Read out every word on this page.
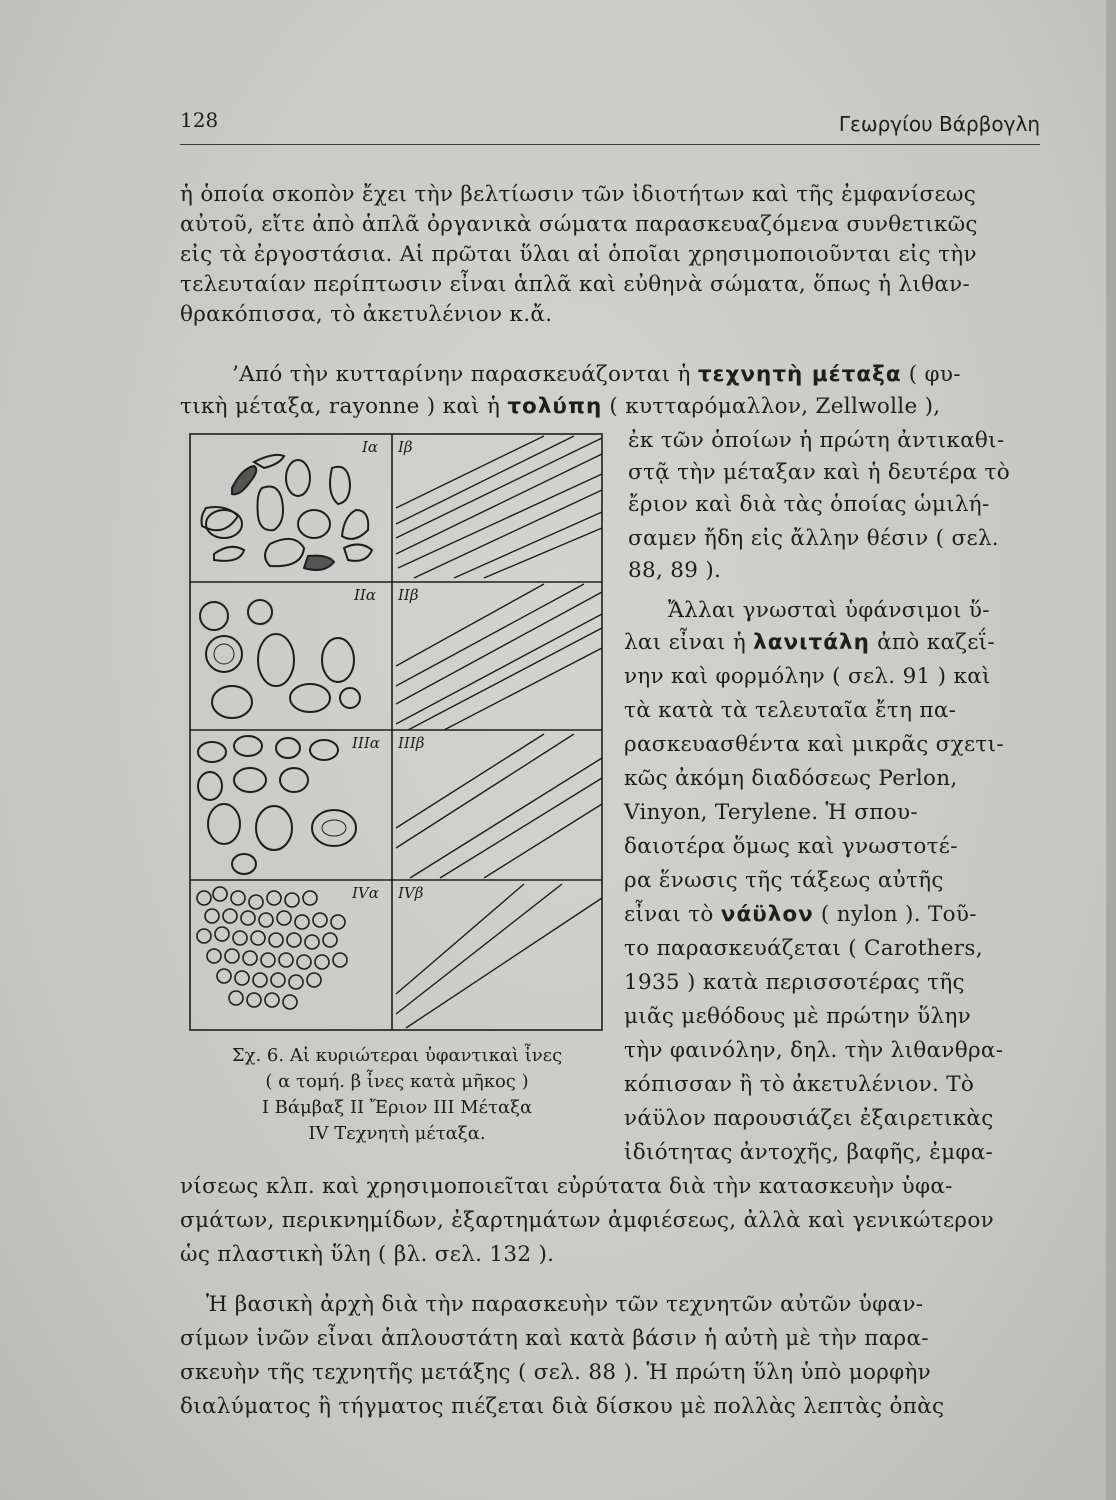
128	Γεωργίου Βάρβογλη
ἡ ὁποία σκοπὸν ἔχει τὴν βελτίωσιν τῶν ἰδιοτήτων καὶ τῆς ἐμφανίσεως
αὐτοῦ, εἴτε ἀπὸ ἁπλᾶ ὀργανικὰ σώματα παρασκευαζόμενα συνθετικῶς
εἰς τὰ ἐργοστάσια. Αἱ πρῶται ὕλαι αἱ ὁποῖαι χρησιμοποιοῦνται εἰς τὴν
τελευταίαν περίπτωσιν εἶναι ἁπλᾶ καὶ εὐθηνὰ σώματα, ὅπως ἡ λιθαν-
θρακόπισσα, τὸ ἀκετυλένιον κ.ἄ.
’Από τὴν κυτταρίνην παρασκευάζονται ἡ τεχνητὴ μέταξα ( φυ-
τικὴ μέταξα, rayonne ) καὶ ἡ τολύπη ( κυτταρόμαλλον, Zellwolle ),
ἐκ τῶν ὁποίων ἡ πρώτη ἀντικαθι-
στᾷ τὴν μέταξαν καὶ ἡ δευτέρα τὸ
ἔριον καὶ διὰ τὰς ὁποίας ὡμιλή-
σαμεν ἤδη εἰς ἄλλην θέσιν ( σελ.
88, 89 ).
Ἄλλαι γνωσταὶ ὑφάνσιμοι ὕ-
λαι εἶναι ἡ λανιτάλη ἀπὸ καζεΐ-
νην καὶ φορμόλην ( σελ. 91 ) καὶ
τὰ κατὰ τὰ τελευταῖα ἔτη πα-
ρασκευασθέντα καὶ μικρᾶς σχετι-
κῶς ἀκόμη διαδόσεως Perlon,
Vinyon, Terylene. Ἡ σπου-
δαιοτέρα ὅμως καὶ γνωστοτέ-
ρα ἕνωσις τῆς τάξεως αὐτῆς
εἶναι τὸ νάϋλον ( nylon ). Τοῦ-
το παρασκευάζεται ( Carothers,
1935 ) κατὰ περισσοτέρας τῆς
μιᾶς μεθόδους μὲ πρώτην ὕλην
τὴν φαινόλην, δηλ. τὴν λιθανθρα-
κόπισσαν ἢ τὸ ἀκετυλένιον. Τὸ
νάϋλον παρουσιάζει ἐξαιρετικὰς
ἰδιότητας ἀντοχῆς, βαφῆς, ἐμφα-
νίσεως κλπ. καὶ χρησιμοποιεῖται εὐρύτατα διὰ τὴν κατασκευὴν ὑφα-
σμάτων, περικνημίδων, ἐξαρτημάτων ἀμφιέσεως, ἀλλὰ καὶ γενικώτερον
ὡς πλαστικὴ ὕλη ( βλ. σελ. 132 ).
Ἡ βασικὴ ἀρχὴ διὰ τὴν παρασκευὴν τῶν τεχνητῶν αὐτῶν ὑφαν-
σίμων ἰνῶν εἶναι ἁπλουστάτη καὶ κατὰ βάσιν ἡ αὐτὴ μὲ τὴν παρα-
σκευὴν τῆς τεχνητῆς μετάξης ( σελ. 88 ). Ἡ πρώτη ὕλη ὑπὸ μορφὴν
διαλύματος ἢ τήγματος πιέζεται διὰ δίσκου μὲ πολλὰς λεπτὰς ὀπὰς
Iα Iβ
IIα IIβ
IIIα IIIβ
IVα IVβ
Σχ. 6. Αἱ κυριώτεραι ὑφαντικαὶ ἶνες
( α τομή. β ἶνες κατὰ μῆκος )
I Βάμβαξ II Ἔριον III Μέταξα
IV Τεχνητὴ μέταξα.
